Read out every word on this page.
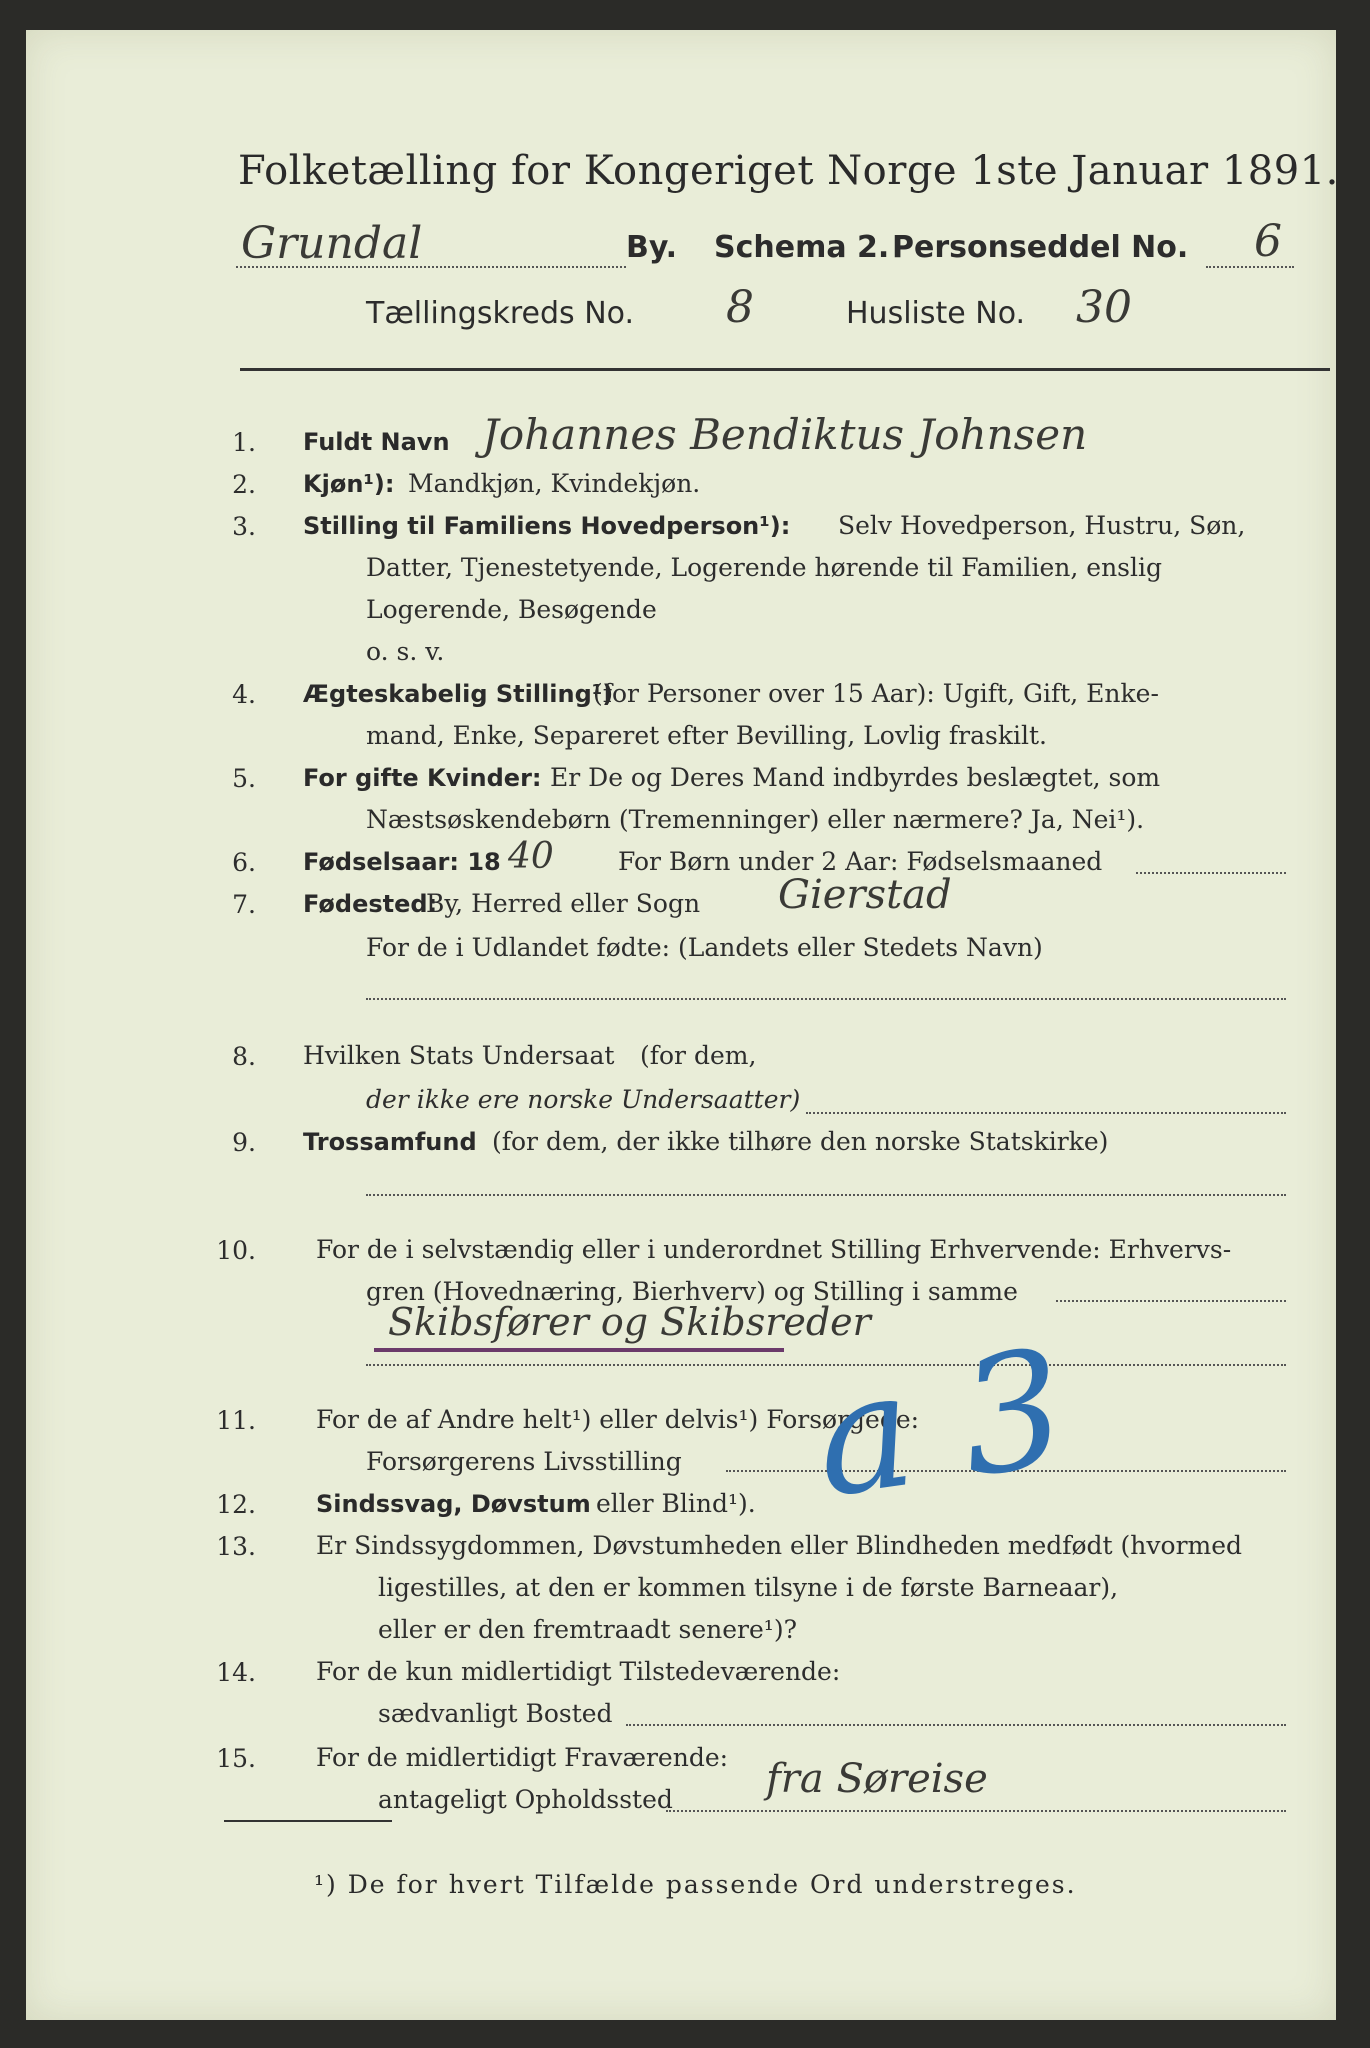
Folketælling for Kongeriget Norge 1ste Januar 1891.
Grundal	By. Schema 2. Personseddel No. 6
Tællingskreds No. 8	Husliste No. 30
1. Fuldt Navn Johannes Bendiktus Johnsen
2. Kjøn¹): Mandkjøn, Kvindekjøn.
3. Stilling til Familiens Hovedperson¹): Selv Hovedperson, Hustru, Søn,
Datter, Tjenestetyende, Logerende hørende til Familien, enslig
Logerende, Besøgende
o. s. v.
4. Ægteskabelig Stilling¹)
(for Personer over 15 Aar): Ugift, Gift, Enke-
mand, Enke, Separeret efter Bevilling, Lovlig fraskilt.
5. For gifte Kvinder: Er De og Deres Mand indbyrdes beslægtet, som
Næstsøskendebørn (Tremenninger) eller nærmere? Ja, Nei¹).
6. Fødselsaar: 18 40	For Børn under 2 Aar: Fødselsmaaned
7. Fødested:
By, Herred eller Sogn Gierstad
For de i Udlandet fødte: (Landets eller Stedets Navn)
8. Hvilken Stats Undersaat (for dem,
der ikke ere norske Undersaatter)
9. Trossamfund (for dem, der ikke tilhøre den norske Statskirke)
10. For de i selvstændig eller i underordnet Stilling Erhvervende: Erhvervs-
gren (Hovednæring, Bierhverv) og Stilling i samme
Skibsfører og Skibsreder
11. For de af Andre helt¹) eller delvis¹) Forsørgede:
Forsørgerens Livsstilling
12.	Sindssvag, Døvstum eller Blind¹).
13. Er Sindssygdommen, Døvstumheden eller Blindheden medfødt (hvormed
ligestilles, at den er kommen tilsyne i de første Barneaar),
eller er den fremtraadt senere¹)?
14. For de kun midlertidigt Tilstedeværende:
sædvanligt Bosted
15. For de midlertidigt Fraværende:
antageligt Opholdssted fra Søreise
a 3
¹) De for hvert Tilfælde passende Ord understreges.
